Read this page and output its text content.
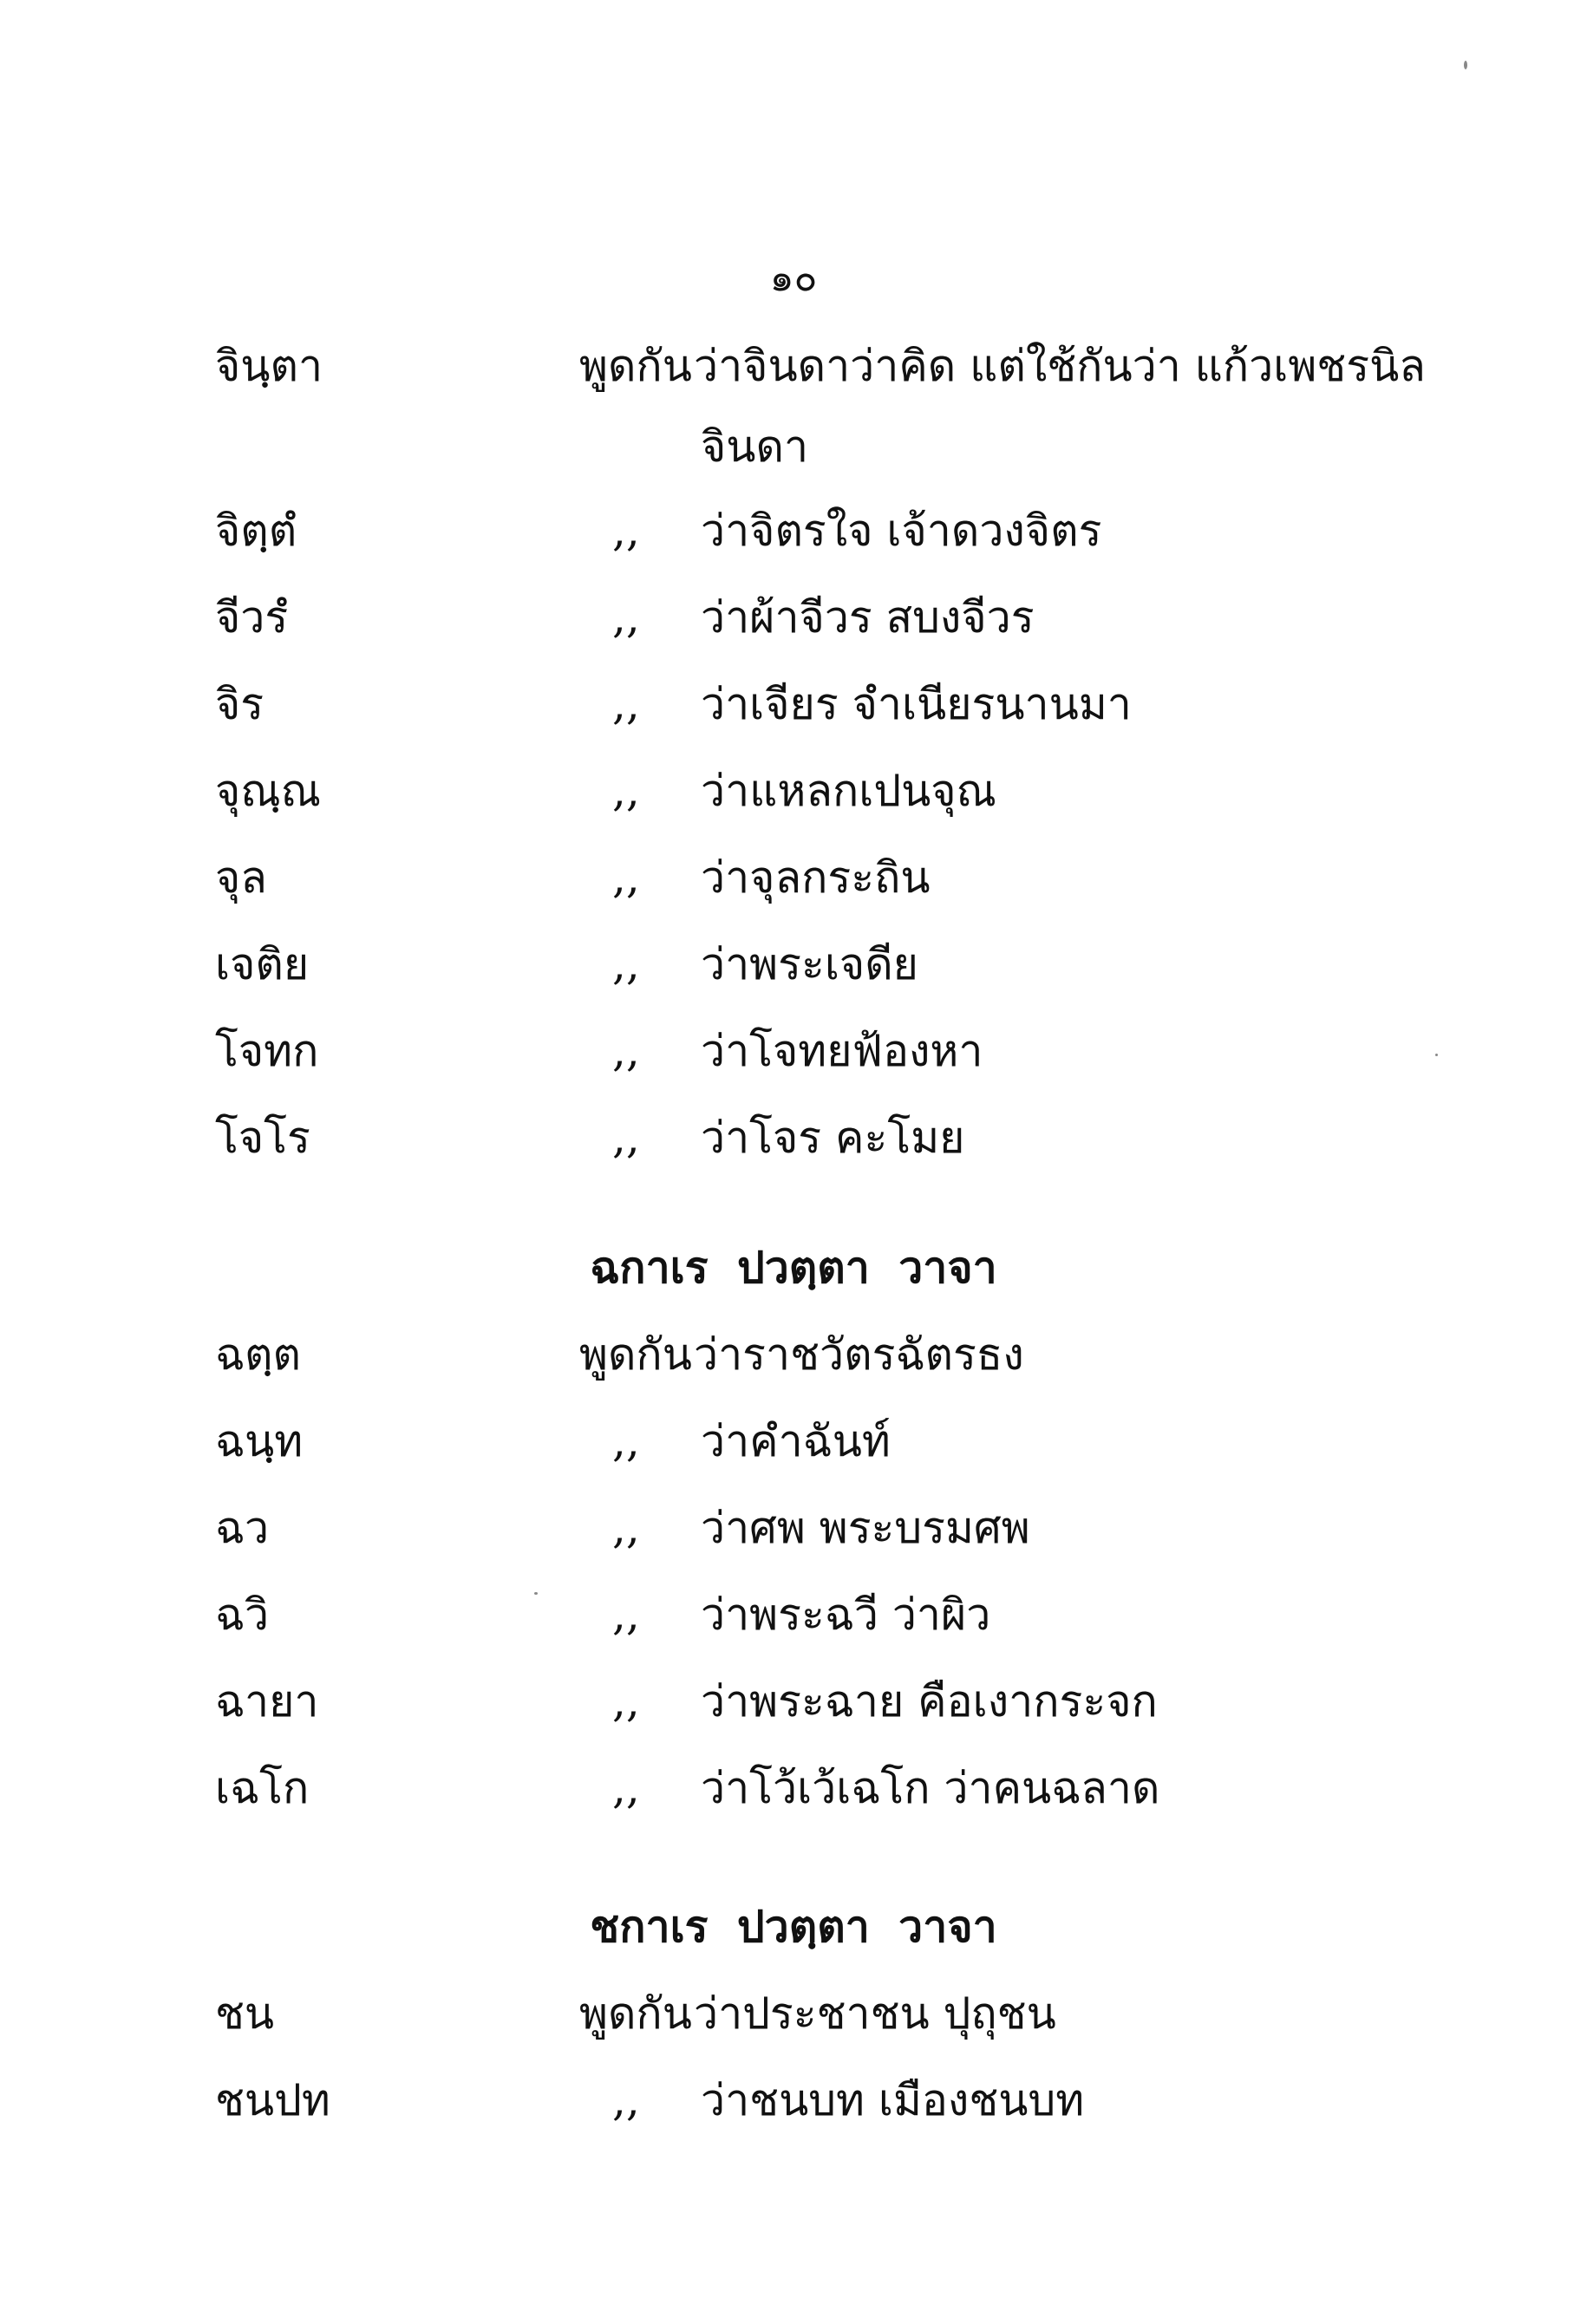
๑๐
จินฺตา	พูดกัน ว่าจินดาว่าคิด แต่ใช้กันว่า แก้วเพชรนิล
จินดา
จิตฺตํ	,, ว่าจิตรใจ เจ้าดวงจิตร
จีวรํ	,, ว่าผ้าจีวร สบงจีวร
จิร	,, ว่าเจียร จำเนียรนานมา
จุณฺณ	,, ว่าแหลกเปนจุณ
จุล	,, ว่าจุลกระถิน
เจติย	,, ว่าพระเจดีย
โจทก	,, ว่าโจทยฟ้องหา
โจโร	,, ว่าโจร คะโมย
ฉกาเร ปวตฺตา วาจา
ฉตฺต	พูดกัน ว่าราชวัตรฉัตรธง
ฉนฺท	,, ว่าคำฉันท์
ฉว	,, ว่าศพ พระบรมศพ
ฉวิ	,, ว่าพระฉวี ว่าผิว
ฉายา	,, ว่าพระฉาย คือเงากระจก
เฉโก	,, ว่าโว้เว้เฉโก ว่าคนฉลาด
ชกาเร ปวตฺตา วาจา
ชน	พูดกัน ว่าประชาชน ปุถุชน
ชนปท	,, ว่าชนบท เมืองชนบท
